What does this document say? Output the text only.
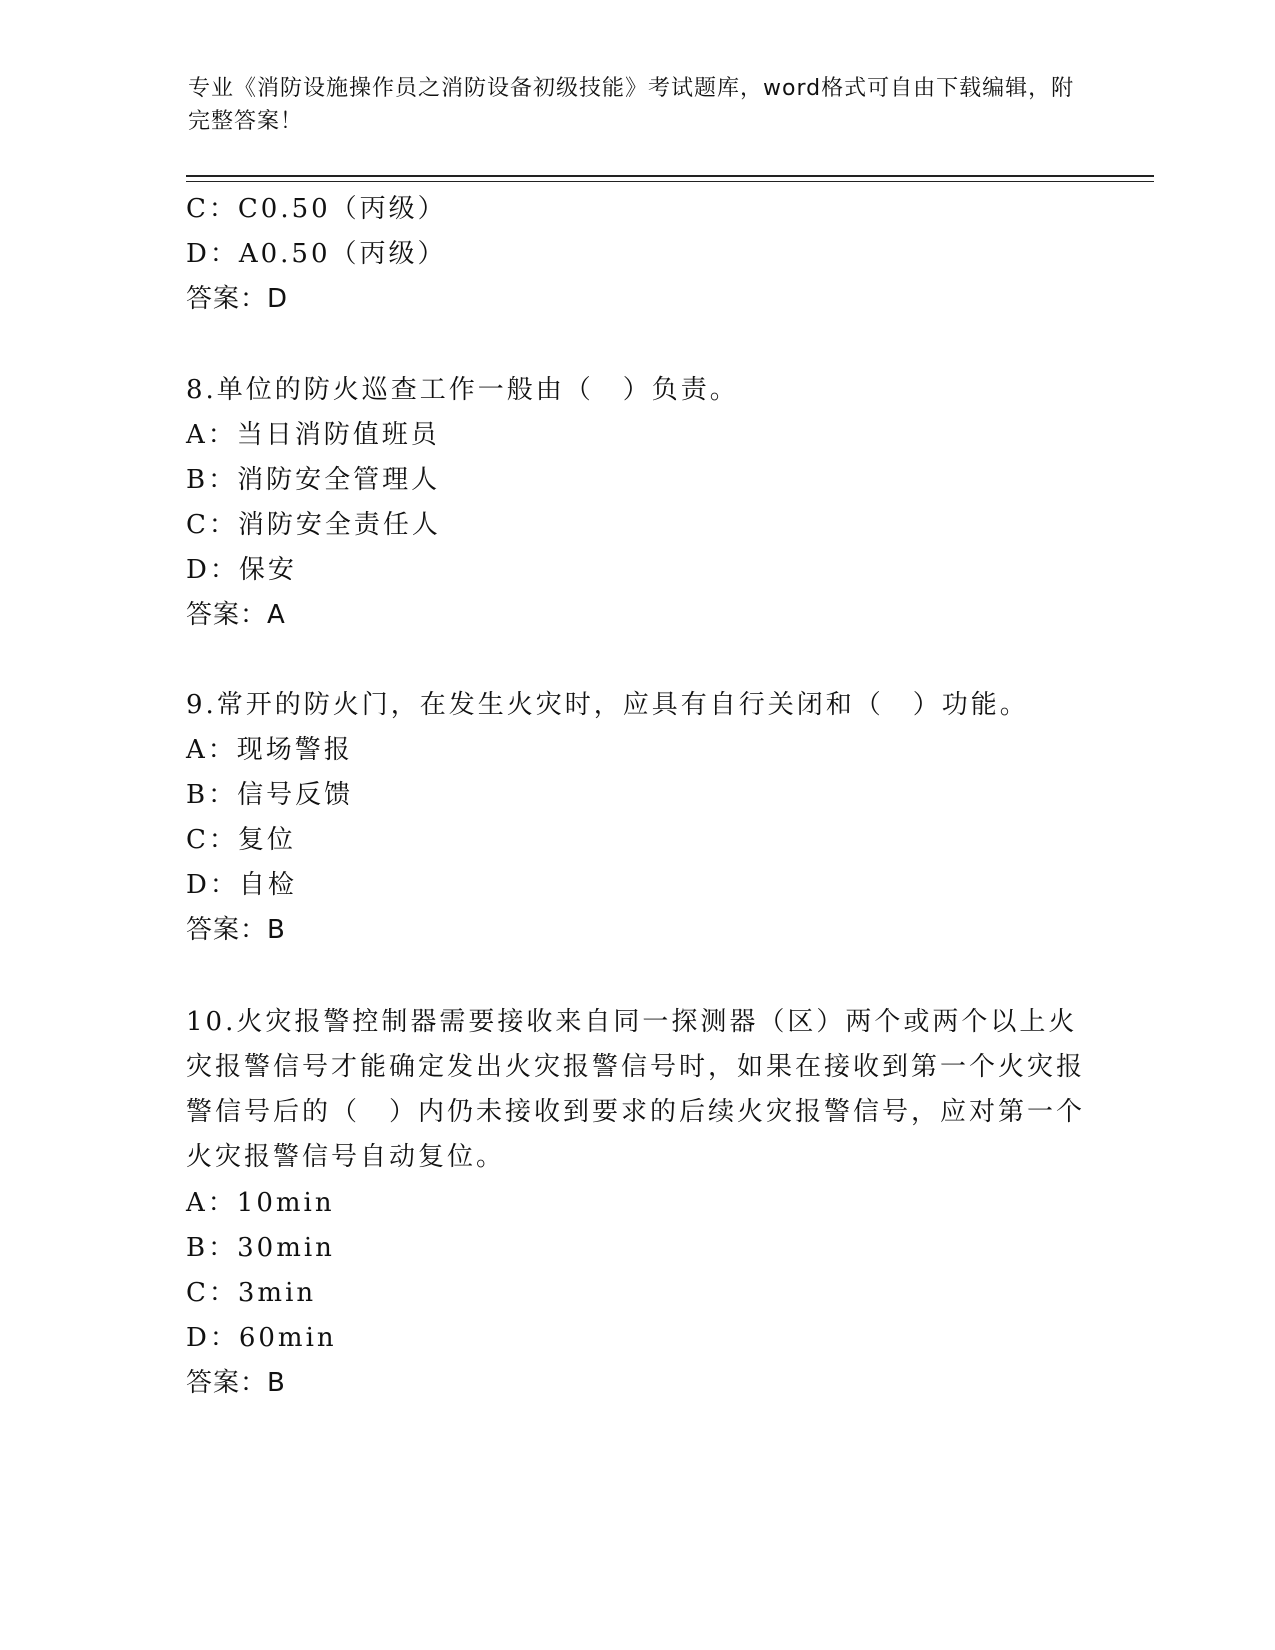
专业《消防设施操作员之消防设备初级技能》考试题库，word格式可自由下载编辑，附完整答案！
C：C0.50（丙级）
D：A0.50（丙级）
答案：D
8.单位的防火巡查工作一般由（　）负责。
A：当日消防值班员
B：消防安全管理人
C：消防安全责任人
D：保安
答案：A
9.常开的防火门，在发生火灾时，应具有自行关闭和（　）功能。
A：现场警报
B：信号反馈
C：复位
D：自检
答案：B
10.火灾报警控制器需要接收来自同一探测器（区）两个或两个以上火灾报警信号才能确定发出火灾报警信号时，如果在接收到第一个火灾报警信号后的（　）内仍未接收到要求的后续火灾报警信号，应对第一个火灾报警信号自动复位。
A：10min
B：30min
C：3min
D：60min
答案：B
